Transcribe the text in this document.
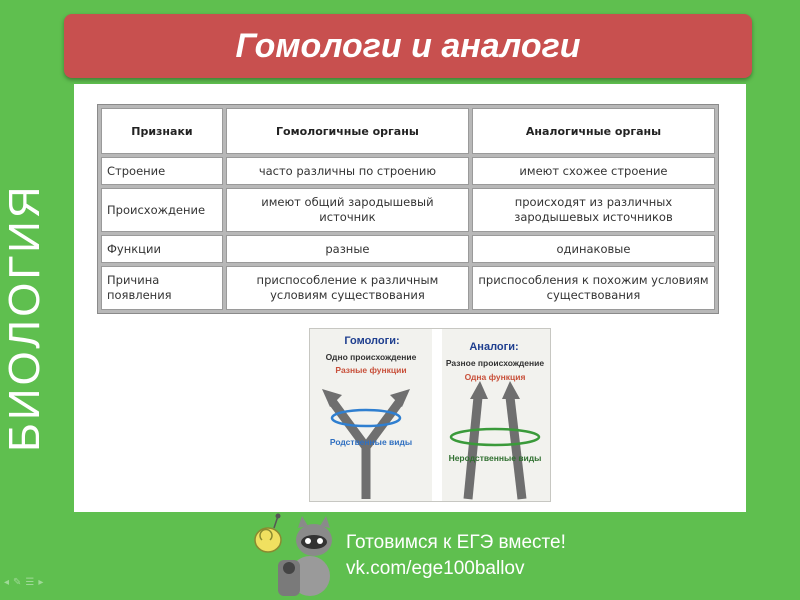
БИОЛОГИЯ
Гомологи и аналоги
Признаки	Гомологичные органы	Аналогичные органы
Строение	часто различны по строению	имеют схожее строение
Происхождение	имеют общий зародышевый источник	происходят из различных зародышевых источников
Функции	разные	одинаковые
Причина появления	приспособление к различным условиям существования	приспособления к похожим условиям существования
Гомологи:
Одно происхождение
Разные функции
Родственные виды
Аналоги:
Разное происхождение
Одна функция
Неродственные виды
Готовимся к ЕГЭ вместе!
vk.com/ege100ballov
◂✎☰▸
